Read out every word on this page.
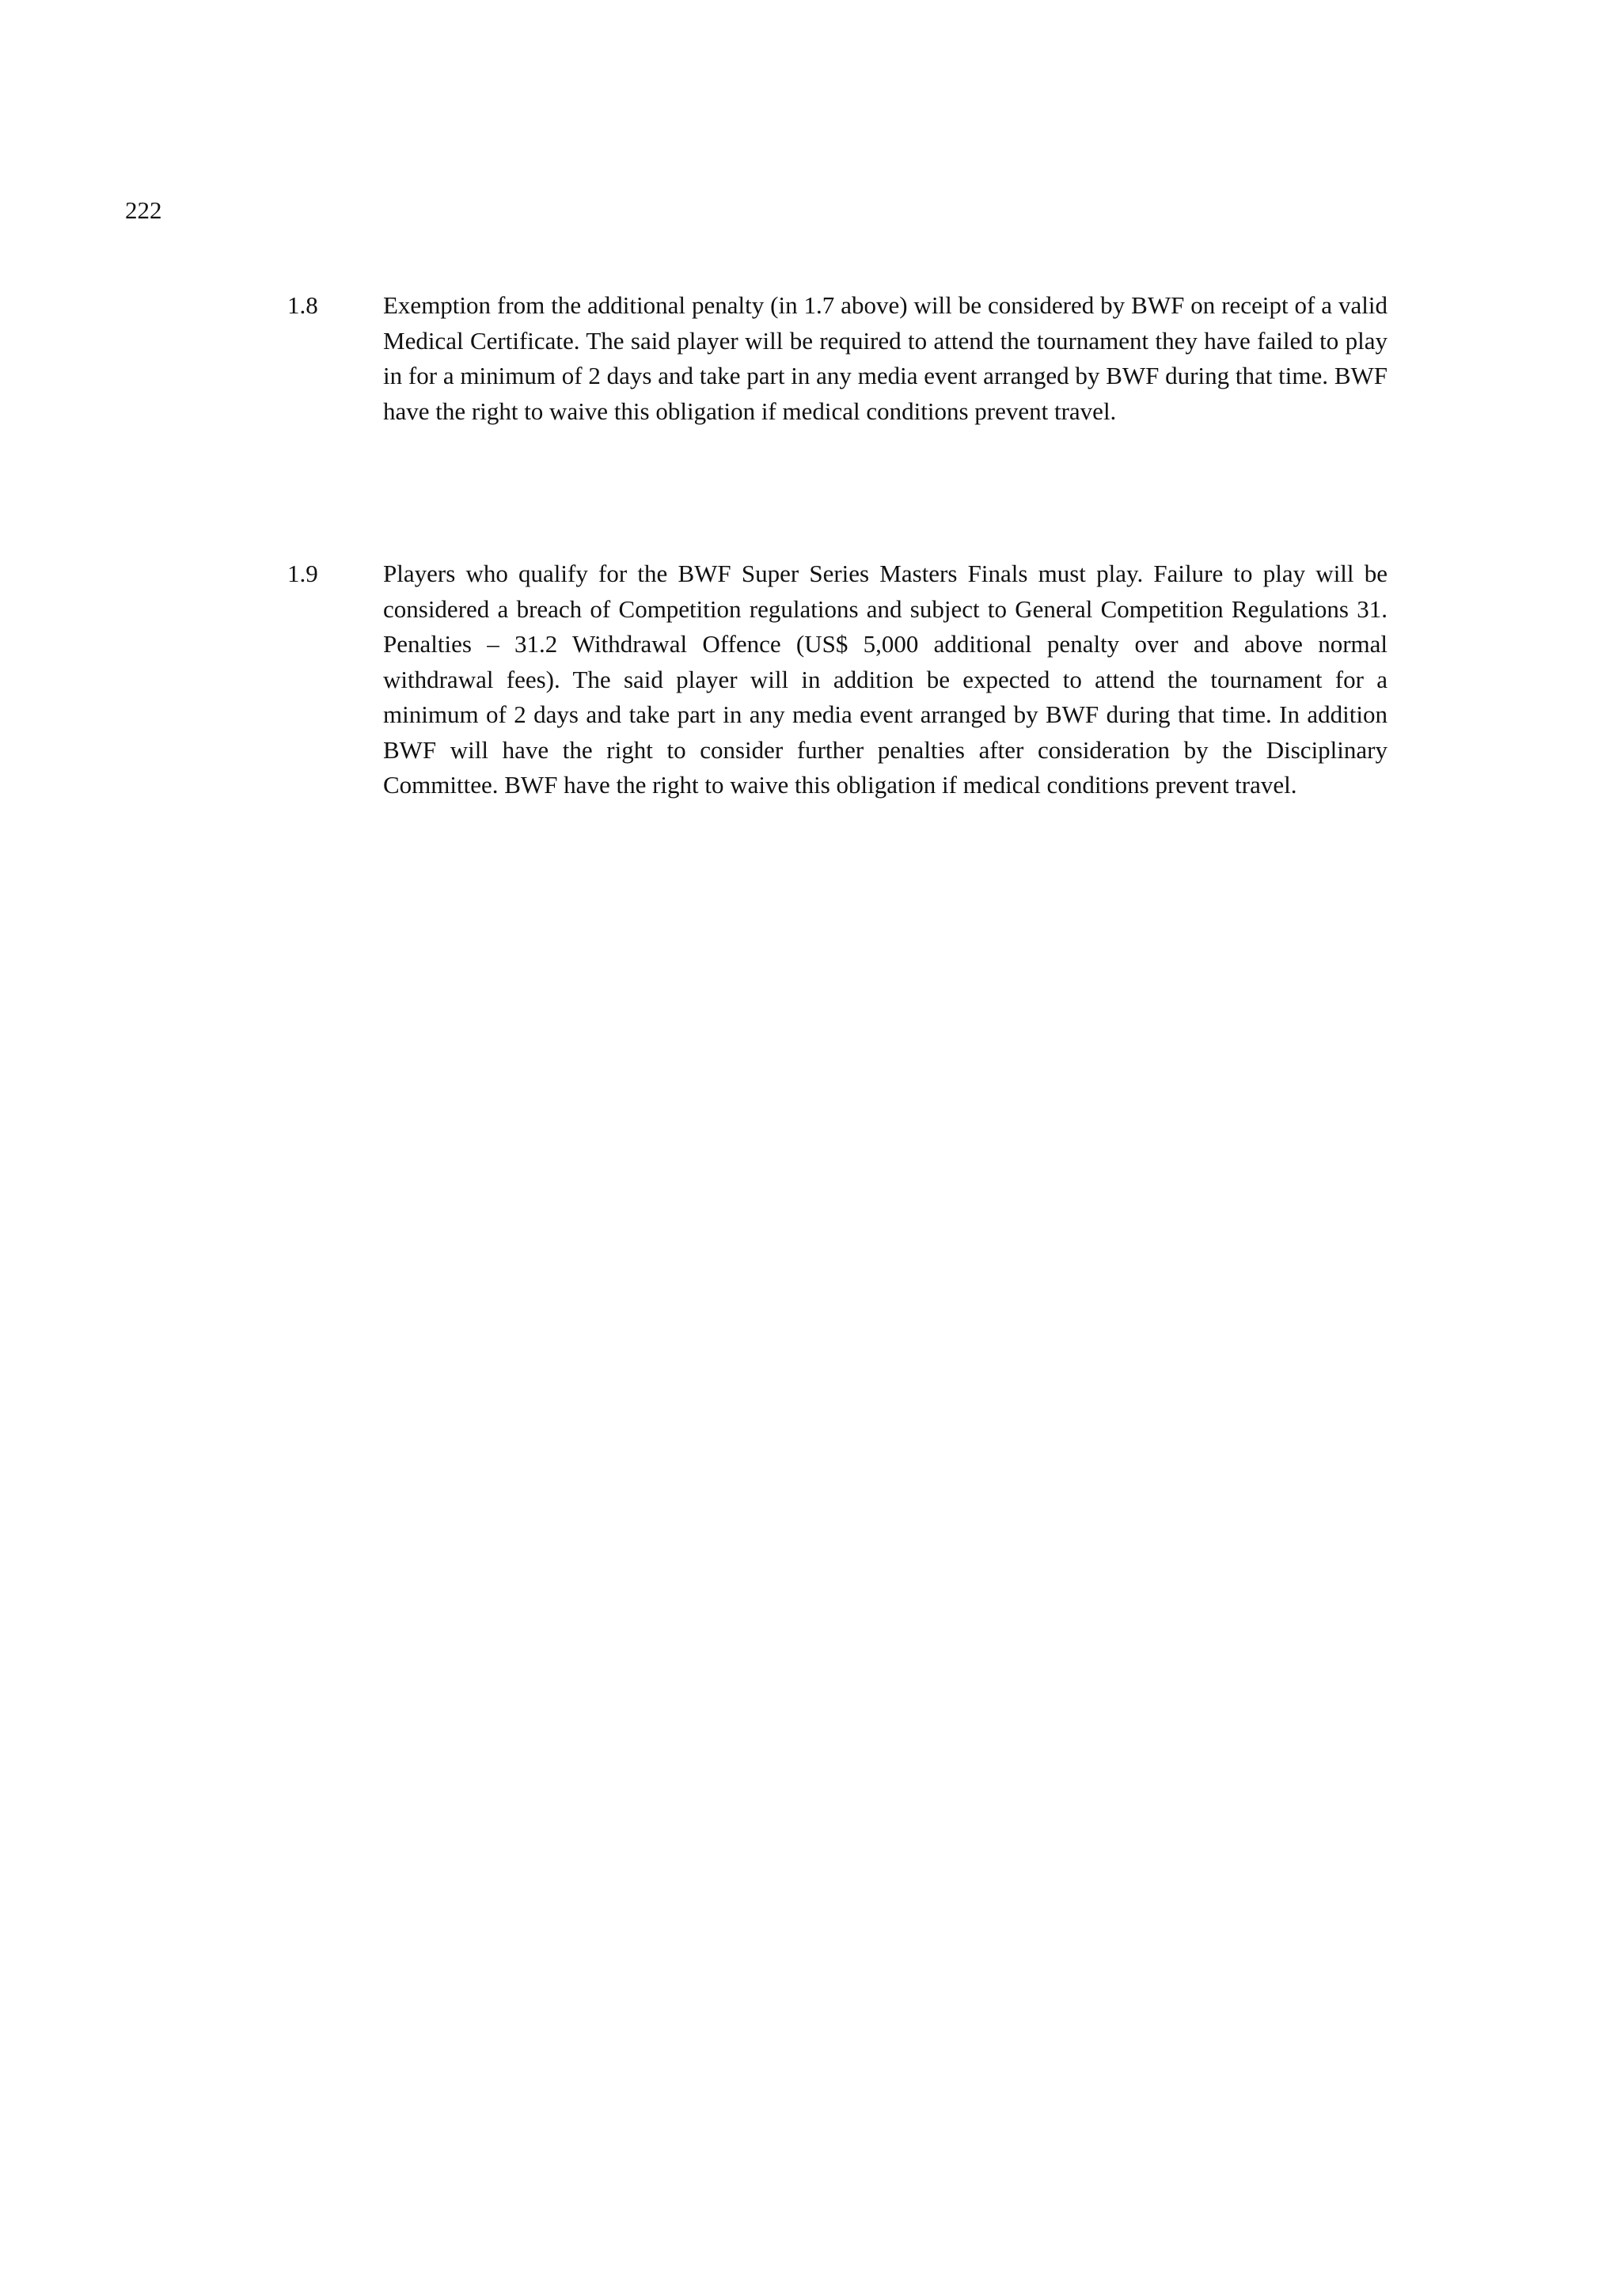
222
1.8	Exemption from the additional penalty (in 1.7 above) will be considered by BWF on receipt of a valid Medical Certificate. The said player will be required to attend the tournament they have failed to play in for a minimum of 2 days and take part in any media event arranged by BWF during that time. BWF have the right to waive this obligation if medical conditions prevent travel.

1.9	Players who qualify for the BWF Super Series Masters Finals must play. Failure to play will be considered a breach of Competition regulations and subject to General Competition Regulations 31. Penalties – 31.2 Withdrawal Offence (US$ 5,000 additional penalty over and above normal withdrawal fees). The said player will in addition be expected to attend the tournament for a minimum of 2 days and take part in any media event arranged by BWF during that time. In addition BWF will have the right to consider further penalties after consideration by the Disciplinary Committee. BWF have the right to waive this obligation if medical conditions prevent travel.
